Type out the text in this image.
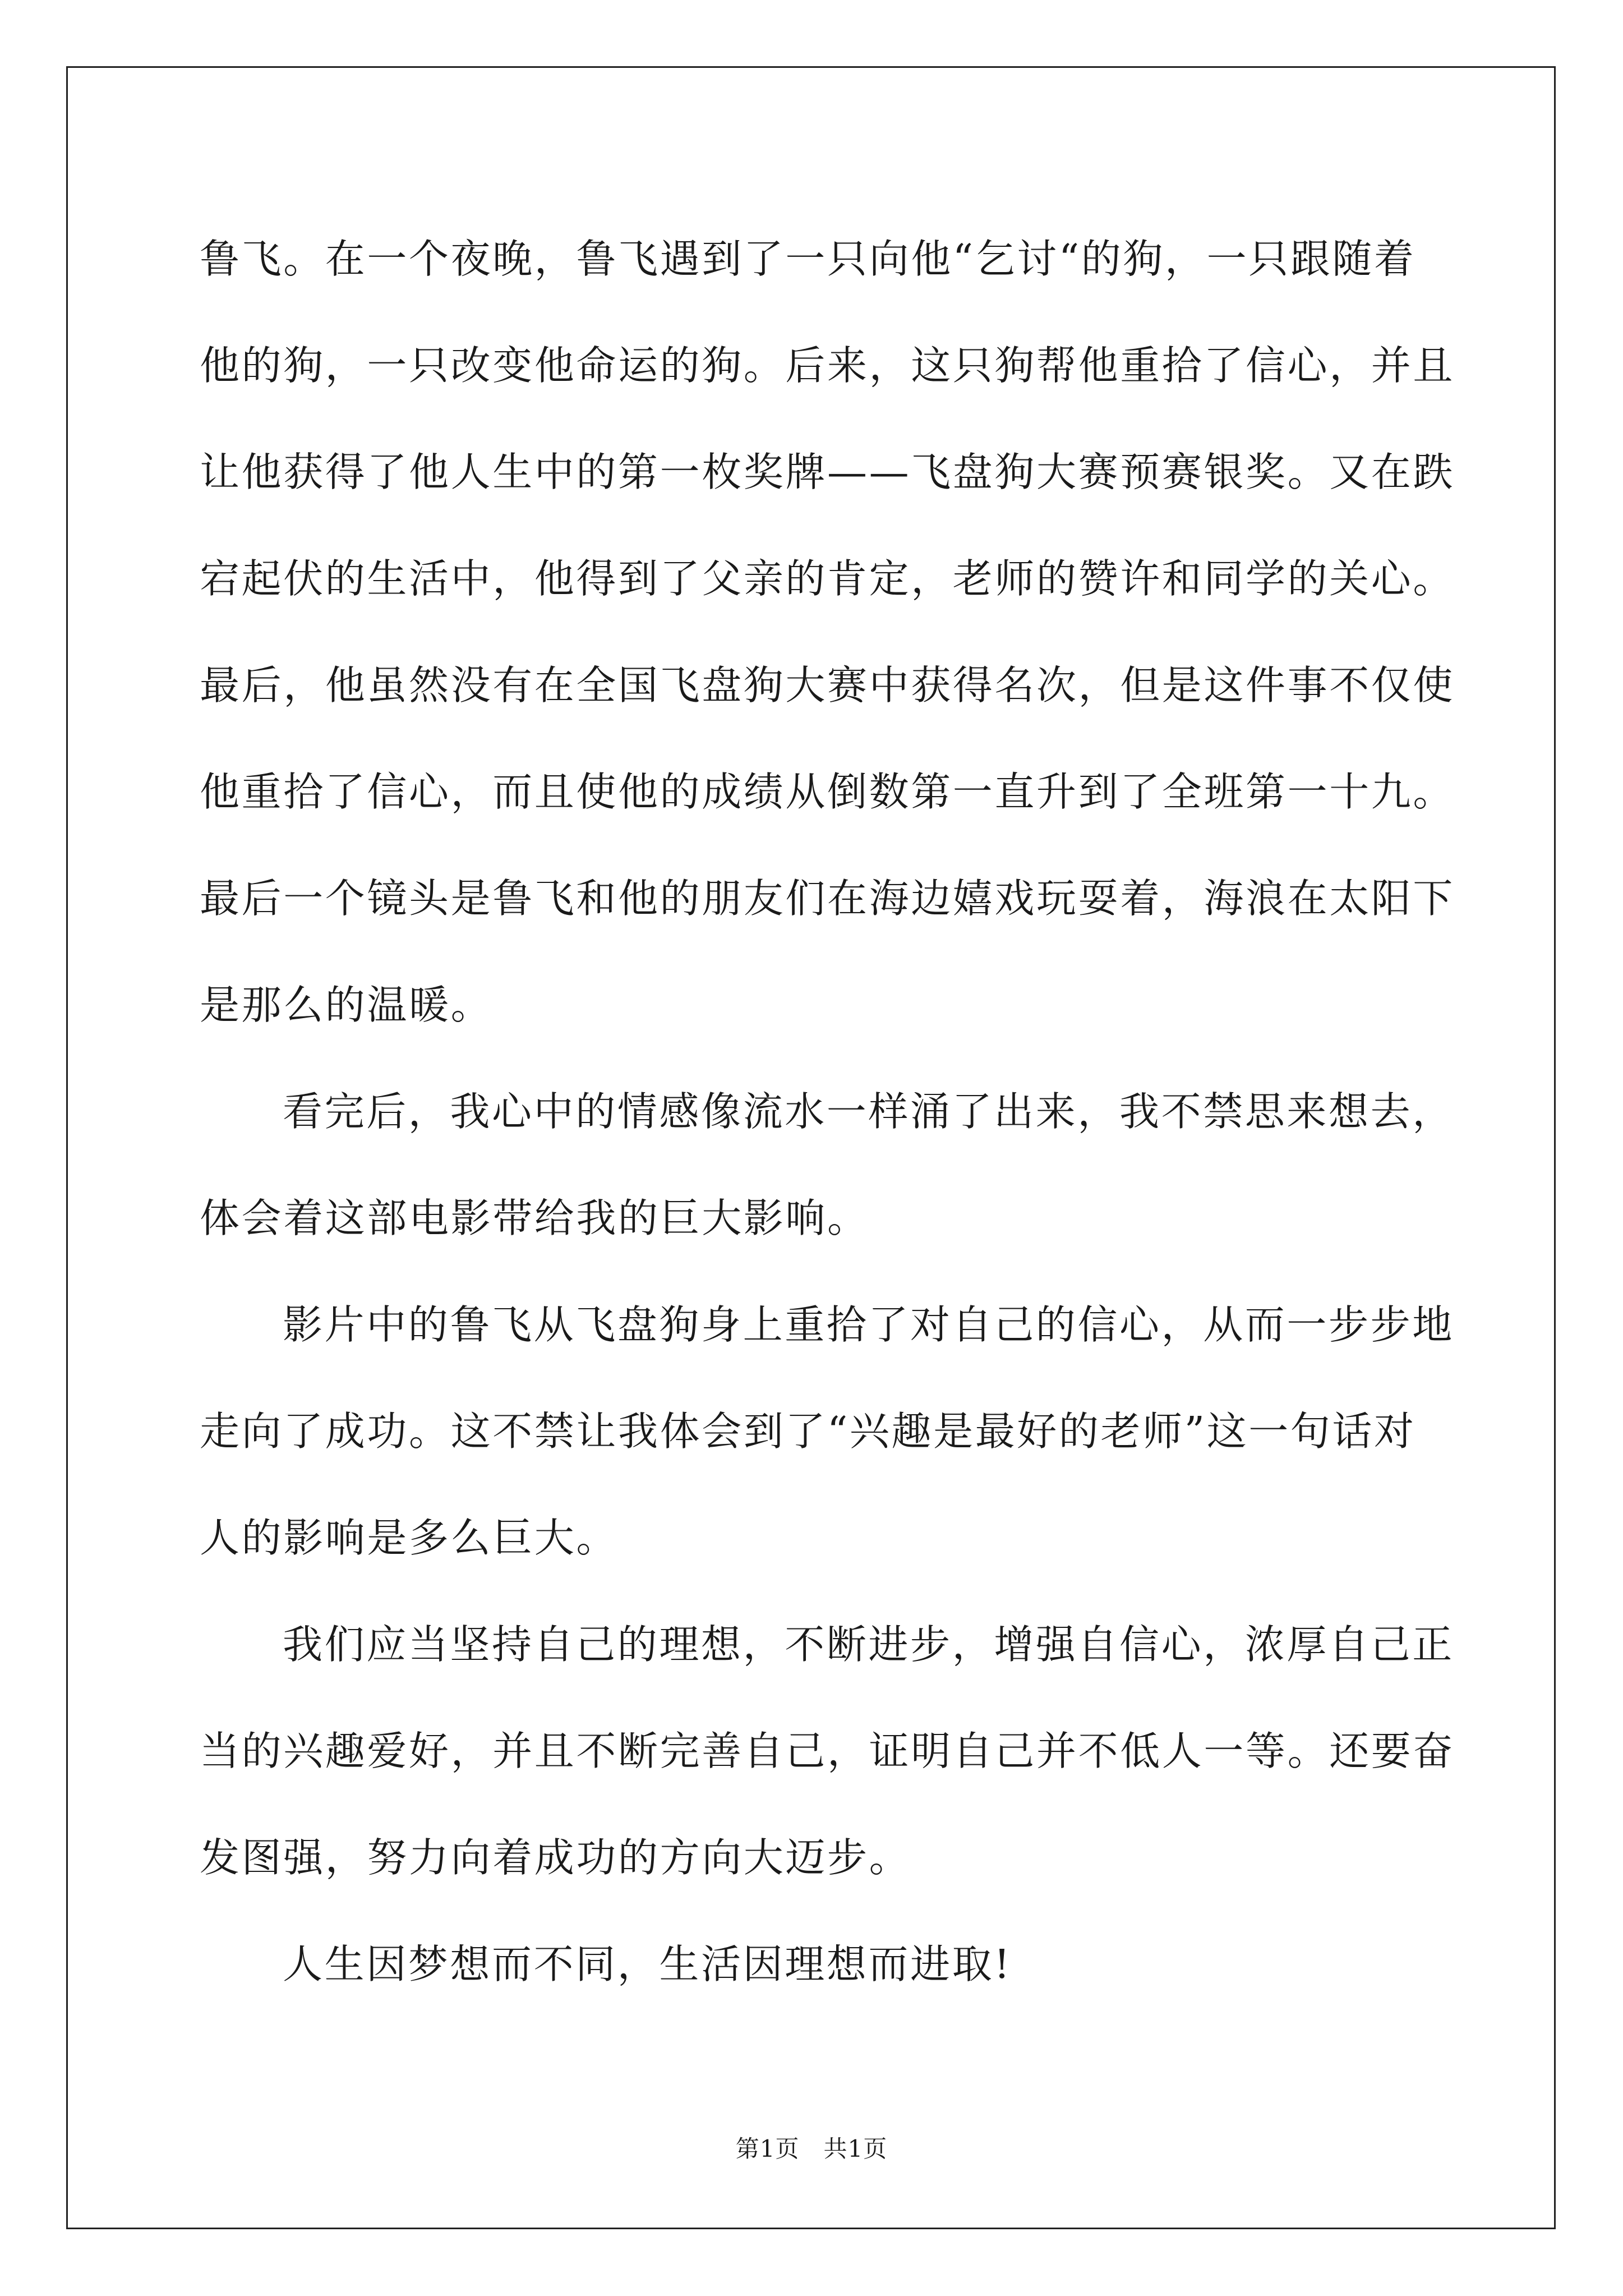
鲁飞。在一个夜晚，鲁飞遇到了一只向他“乞讨“的狗，一只跟随着
他的狗，一只改变他命运的狗。后来，这只狗帮他重拾了信心，并且
让他获得了他人生中的第一枚奖牌——飞盘狗大赛预赛银奖。又在跌
宕起伏的生活中，他得到了父亲的肯定，老师的赞许和同学的关心。
最后，他虽然没有在全国飞盘狗大赛中获得名次，但是这件事不仅使
他重拾了信心，而且使他的成绩从倒数第一直升到了全班第一十九。
最后一个镜头是鲁飞和他的朋友们在海边嬉戏玩耍着，海浪在太阳下
是那么的温暖。
看完后，我心中的情感像流水一样涌了出来，我不禁思来想去，
体会着这部电影带给我的巨大影响。
影片中的鲁飞从飞盘狗身上重拾了对自己的信心，从而一步步地
走向了成功。这不禁让我体会到了“兴趣是最好的老师”这一句话对
人的影响是多么巨大。
我们应当坚持自己的理想，不断进步，增强自信心，浓厚自己正
当的兴趣爱好，并且不断完善自己，证明自己并不低人一等。还要奋
发图强，努力向着成功的方向大迈步。
人生因梦想而不同，生活因理想而进取!
第1页   共1页
